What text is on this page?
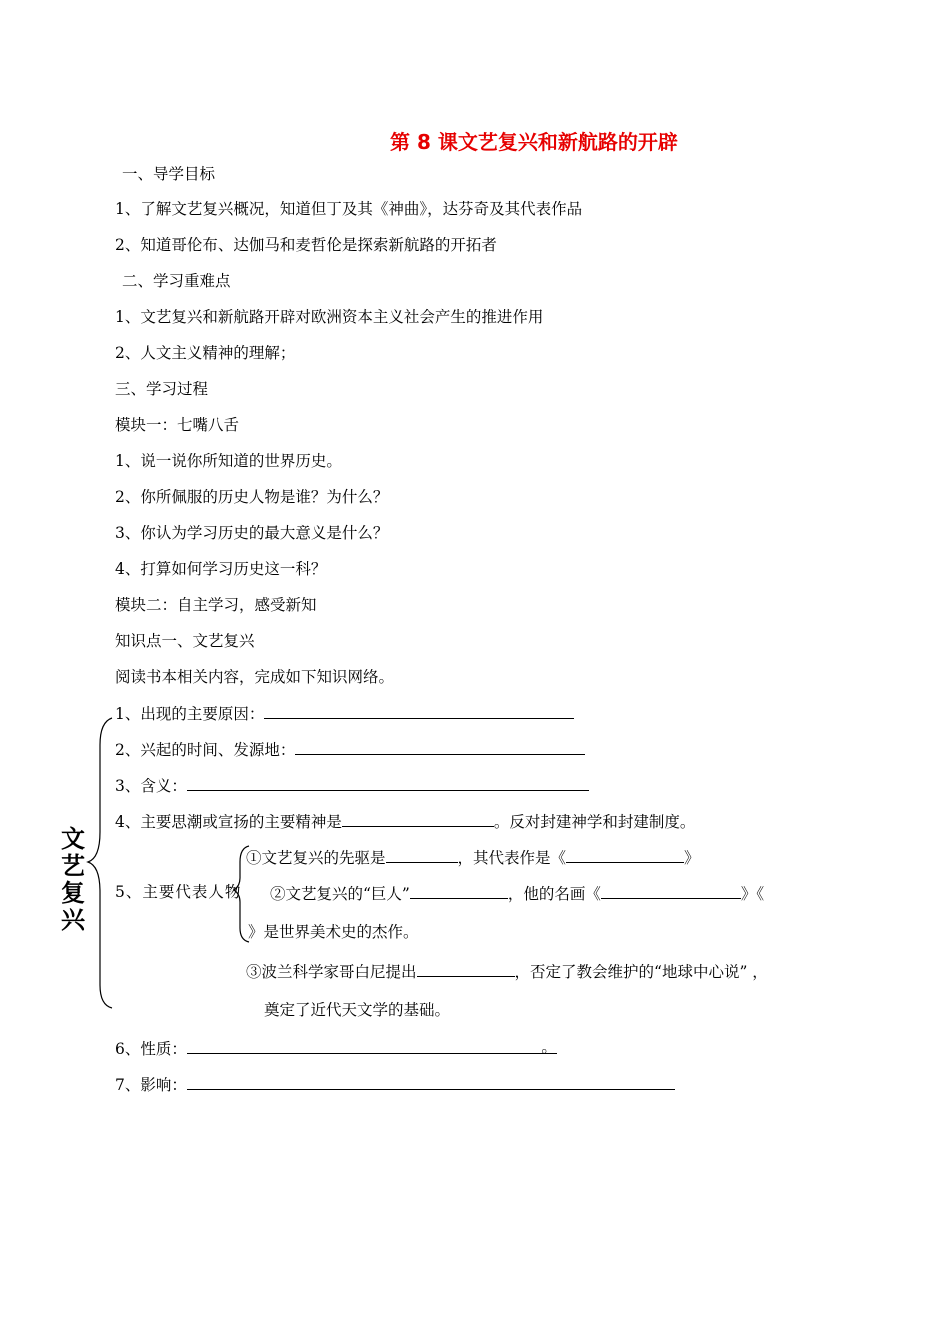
第 8 课文艺复兴和新航路的开辟
一、导学目标
1、了解文艺复兴概况，知道但丁及其《神曲》，达芬奇及其代表作品
2、知道哥伦布、达伽马和麦哲伦是探索新航路的开拓者
二、学习重难点
1、文艺复兴和新航路开辟对欧洲资本主义社会产生的推进作用
2、人文主义精神的理解；
三、学习过程
模块一：七嘴八舌
1、说一说你所知道的世界历史。
2、你所佩服的历史人物是谁？为什么？
3、你认为学习历史的最大意义是什么？
4、打算如何学习历史这一科？
模块二：自主学习，感受新知
知识点一、文艺复兴
阅读书本相关内容，完成如下知识网络。
文
艺
复
兴
1、出现的主要原因：
2、兴起的时间、发源地：
3、含义：
4、主要思潮或宣扬的主要精神是	。反对封建神学和封建制度。
①文艺复兴的先驱是	，其代表作是《	》
5、主要代表人物 ②文艺复兴的“巨人”	，他的名画《	》《
》是世界美术史的杰作。
③波兰科学家哥白尼提出	，否定了教会维护的“地球中心说” ，
奠定了近代天文学的基础。
6、性质：	。
7、影响：
